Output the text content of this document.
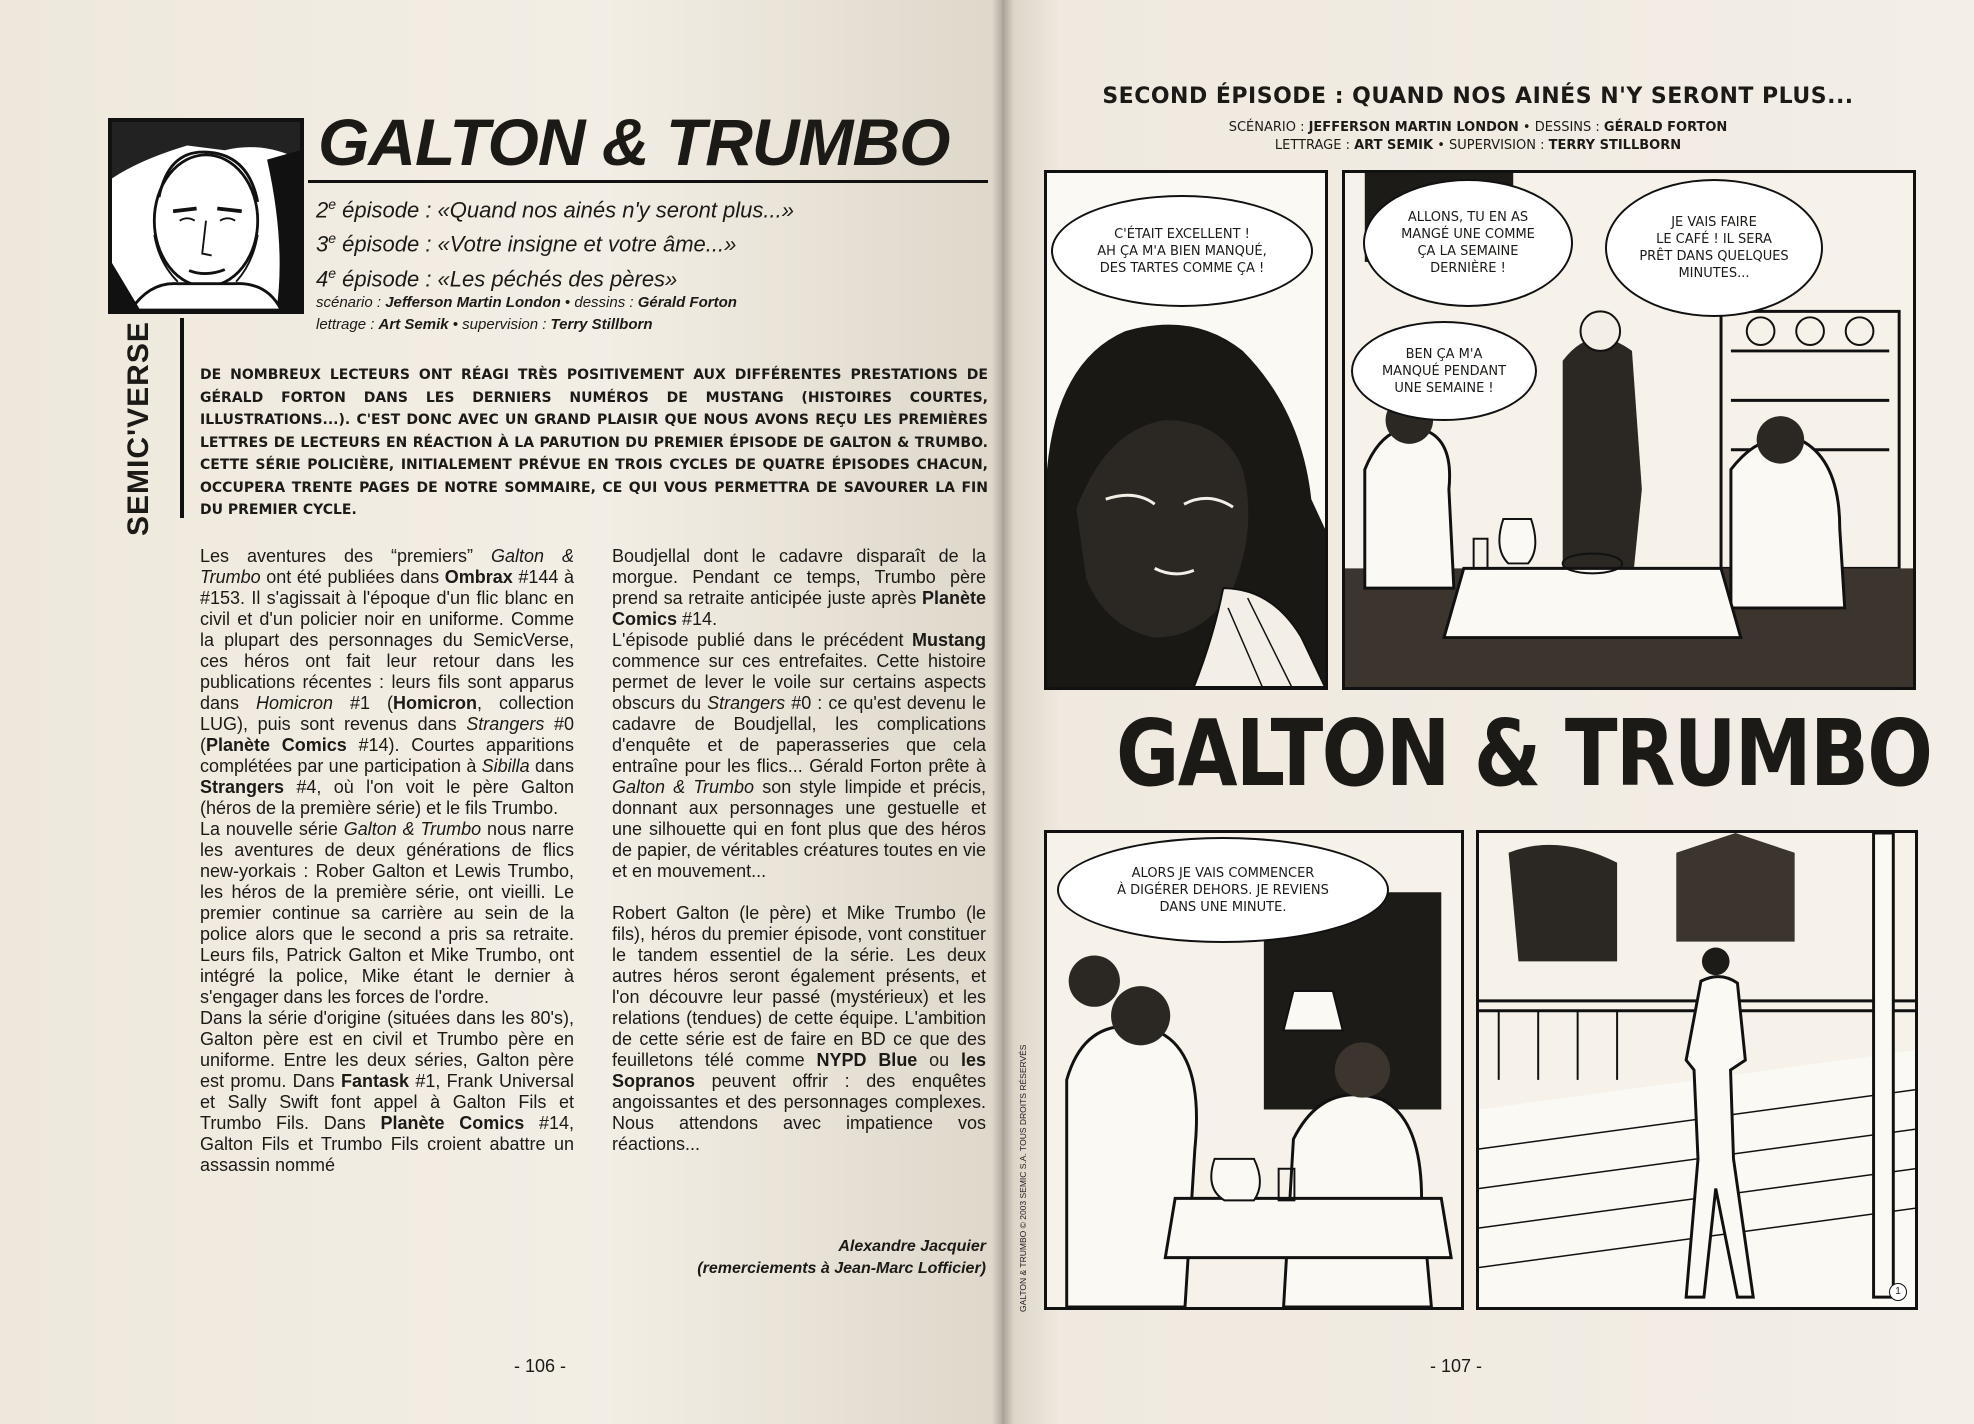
GALTON & TRUMBO
2e épisode : «Quand nos ainés n'y seront plus...»
3e épisode : «Votre insigne et votre âme...»
4e épisode : «Les péchés des pères»
scénario : Jefferson Martin London • dessins : Gérald Forton
lettrage : Art Semik • supervision : Terry Stillborn
SEMIC'VERSE	DE NOMBREUX LECTEURS ONT RÉAGI TRÈS POSITIVEMENT AUX DIFFÉRENTES PRESTATIONS DE GÉRALD FORTON DANS LES DERNIERS NUMÉROS DE MUSTANG (HISTOIRES COURTES, ILLUSTRATIONS...). C'EST DONC AVEC UN GRAND PLAISIR QUE NOUS AVONS REÇU LES PREMIÈRES LETTRES DE LECTEURS EN RÉACTION À LA PARUTION DU PREMIER ÉPISODE DE GALTON & TRUMBO. CETTE SÉRIE POLICIÈRE, INITIALEMENT PRÉVUE EN TROIS CYCLES DE QUATRE ÉPISODES CHACUN, OCCUPERA TRENTE PAGES DE NOTRE SOMMAIRE, CE QUI VOUS PERMETTRA DE SAVOURER LA FIN DU PREMIER CYCLE.

Les aventures des “premiers” Galton & Trumbo ont été publiées dans Ombrax #144 à #153. Il s'agissait à l'époque d'un flic blanc en civil et d'un policier noir en uniforme. Comme la plupart des personnages du SemicVerse, ces héros ont fait leur retour dans les publications récentes : leurs fils sont apparus dans Homicron #1 (Homicron, collection LUG), puis sont revenus dans Strangers #0 (Planète Comics #14). Courtes apparitions complétées par une participation à Sibilla dans Strangers #4, où l'on voit le père Galton (héros de la première série) et le fils Trumbo.

La nouvelle série Galton & Trumbo nous narre les aventures de deux générations de flics new-yorkais : Rober Galton et Lewis Trumbo, les héros de la première série, ont vieilli. Le premier continue sa carrière au sein de la police alors que le second a pris sa retraite. Leurs fils, Patrick Galton et Mike Trumbo, ont intégré la police, Mike étant le dernier à s'engager dans les forces de l'ordre.

Dans la série d'origine (situées dans les 80's), Galton père est en civil et Trumbo père en uniforme. Entre les deux séries, Galton père est promu. Dans Fantask #1, Frank Universal et Sally Swift font appel à Galton Fils et Trumbo Fils. Dans Planète Comics #14, Galton Fils et Trumbo Fils croient abattre un assassin nommé

Boudjellal dont le cadavre disparaît de la morgue. Pendant ce temps, Trumbo père prend sa retraite anticipée juste après Planète Comics #14.

L'épisode publié dans le précédent Mustang commence sur ces entrefaites. Cette histoire permet de lever le voile sur certains aspects obscurs du Strangers #0 : ce qu'est devenu le cadavre de Boudjellal, les complications d'enquête et de paperasseries que cela entraîne pour les flics... Gérald Forton prête à Galton & Trumbo son style limpide et précis, donnant aux personnages une gestuelle et une silhouette qui en font plus que des héros de papier, de véritables créatures toutes en vie et en mouvement...

Robert Galton (le père) et Mike Trumbo (le fils), héros du premier épisode, vont constituer le tandem essentiel de la série. Les deux autres héros seront également présents, et l'on découvre leur passé (mystérieux) et les relations (tendues) de cette équipe. L'ambition de cette série est de faire en BD ce que des feuilletons télé comme NYPD Blue ou les Sopranos peuvent offrir : des enquêtes angoissantes et des personnages complexes. Nous attendons avec impatience vos réactions...

Alexandre Jacquier
(remerciements à Jean-Marc Lofficier)
- 106 -
SECOND ÉPISODE : QUAND NOS AINÉS N'Y SERONT PLUS...
SCÉNARIO : JEFFERSON MARTIN LONDON • DESSINS : GÉRALD FORTON
LETTRAGE : ART SEMIK • SUPERVISION : TERRY STILLBORN
C'ÉTAIT EXCELLENT !
AH ÇA M'A BIEN MANQUÉ,
DES TARTES COMME ÇA !
ALLONS, TU EN AS
MANGÉ UNE COMME
ÇA LA SEMAINE
DERNIÈRE !
JE VAIS FAIRE
LE CAFÉ ! IL SERA
PRÊT DANS QUELQUES
MINUTES...
BEN ÇA M'A
MANQUÉ PENDANT
UNE SEMAINE !
GALTON & TRUMBO
ALORS JE VAIS COMMENCER
À DIGÉRER DEHORS. JE REVIENS
DANS UNE MINUTE.
1
- 107 -
GALTON & TRUMBO © 2003 SEMIC S.A. TOUS DROITS RÉSERVÉS
